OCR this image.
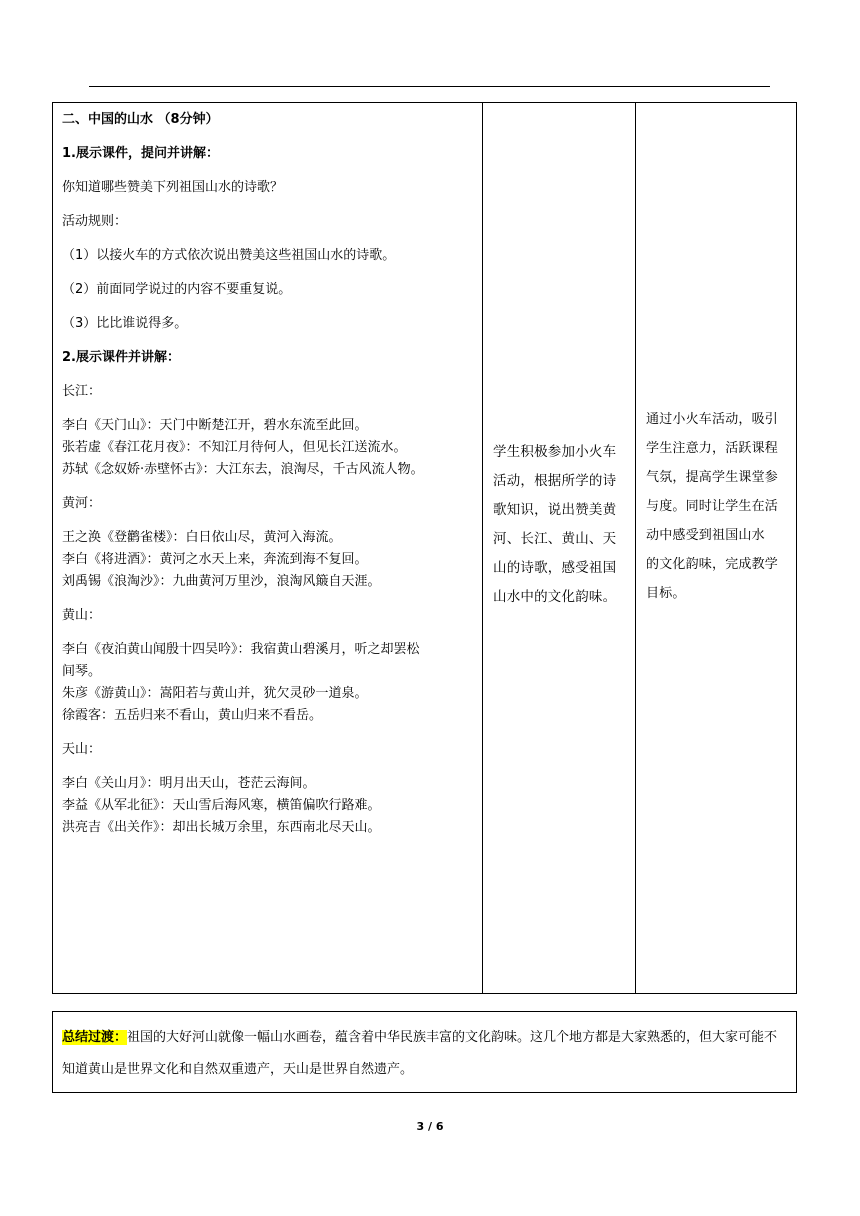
二、中国的山水 （8分钟）
1.展示课件，提问并讲解：
你知道哪些赞美下列祖国山水的诗歌？
活动规则：
（1）以接火车的方式依次说出赞美这些祖国山水的诗歌。
（2）前面同学说过的内容不要重复说。
（3）比比谁说得多。
2.展示课件并讲解：
长江：
李白《天门山》：天门中断楚江开，碧水东流至此回。
张若虚《春江花月夜》：不知江月待何人，但见长江送流水。
苏轼《念奴娇·赤壁怀古》：大江东去，浪淘尽，千古风流人物。
黄河：
王之涣《登鹳雀楼》：白日依山尽，黄河入海流。
李白《将进酒》：黄河之水天上来，奔流到海不复回。
刘禹锡《浪淘沙》：九曲黄河万里沙，浪淘风簸自天涯。
黄山：
李白《夜泊黄山闻殷十四吴吟》：我宿黄山碧溪月，听之却罢松
间琴。
朱彦《游黄山》：嵩阳若与黄山并，犹欠灵砂一道泉。
徐霞客：五岳归来不看山，黄山归来不看岳。
天山：
李白《关山月》：明月出天山，苍茫云海间。
李益《从军北征》：天山雪后海风寒，横笛偏吹行路难。
洪亮吉《出关作》：却出长城万余里，东西南北尽天山。
学生积极参加小火车
活动，根据所学的诗
歌知识，说出赞美黄
河、长江、黄山、天
山的诗歌，感受祖国
山水中的文化韵味。
通过小火车活动，吸引
学生注意力，活跃课程
气氛，提高学生课堂参
与度。同时让学生在活
动中感受到祖国山水
的文化韵味，完成教学
目标。
总结过渡：祖国的大好河山就像一幅山水画卷，蕴含着中华民族丰富的文化韵味。这几个地方都是大家熟悉的，但大家可能不知道黄山是世界文化和自然双重遗产，天山是世界自然遗产。
3 / 6
